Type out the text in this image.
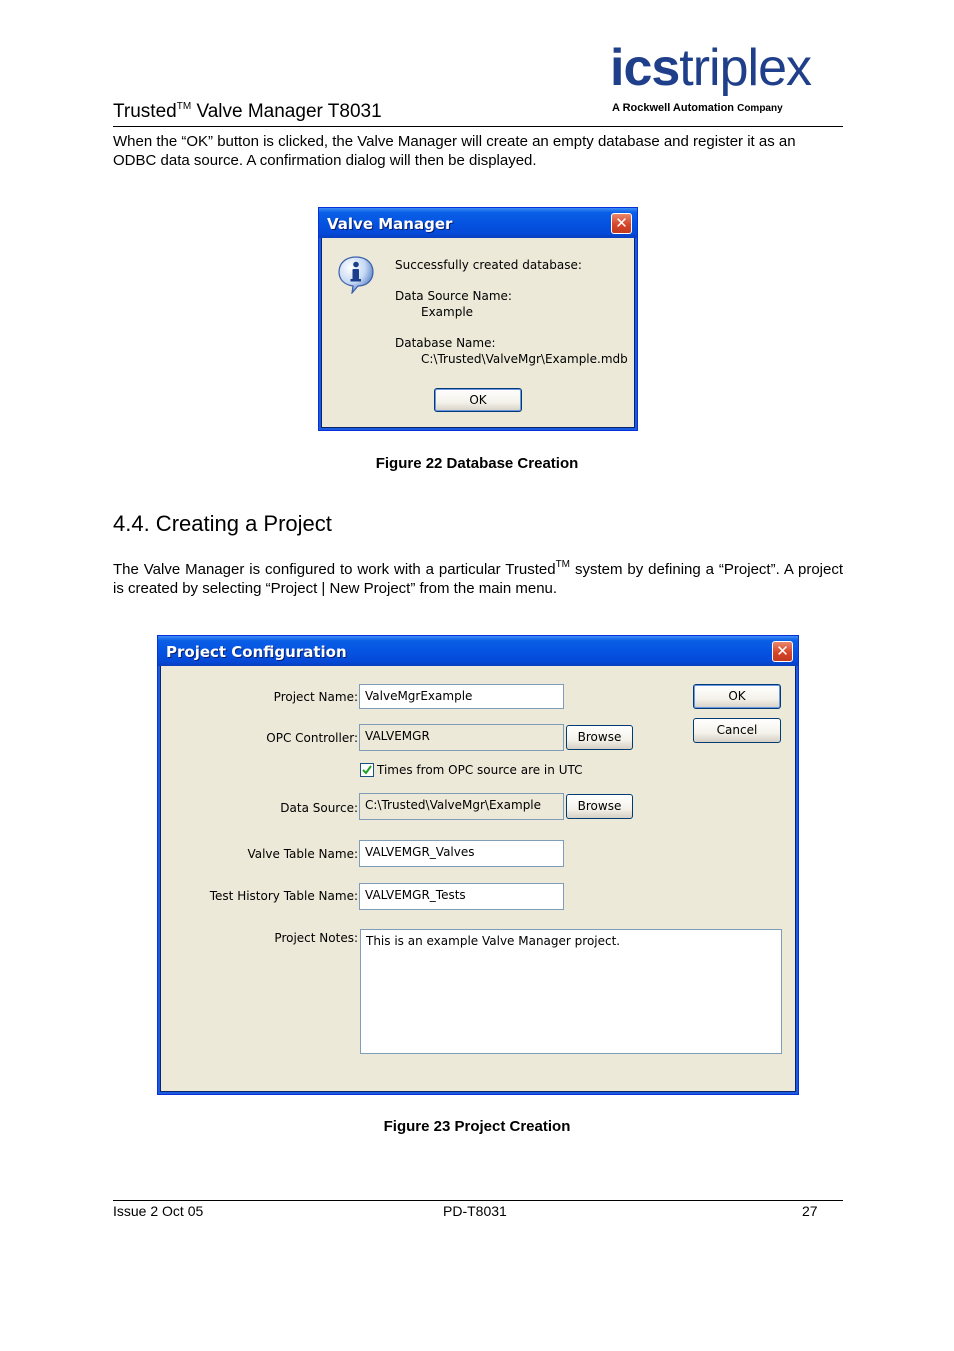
Trusted™ Valve Manager T8031
icstriplex
A Rockwell Automation Company
When the “OK” button is clicked, the Valve Manager will create an empty database and register it as an ODBC data source. A confirmation dialog will then be displayed.
Valve Manager	✕
Successfully created database:
Data Source Name:
Example
Database Name:
C:\Trusted\ValveMgr\Example.mdb
OK
Figure 22 Database Creation
4.4. Creating a Project
The Valve Manager is configured to work with a particular Trusted™ system by defining a “Project”. A project is created by selecting “Project | New Project” from the main menu.
Project Configuration	✕
Project Name: ValveMgrExample
OPC Controller: VALVEMGR	Browse
Times from OPC source are in UTC
Data Source: C:\Trusted\ValveMgr\Example	Browse
Valve Table Name: VALVEMGR_Valves
Test History Table Name: VALVEMGR_Tests
Project Notes: This is an example Valve Manager project.
OK
Cancel
Figure 23 Project Creation
Issue 2 Oct 05	PD-T8031	27
